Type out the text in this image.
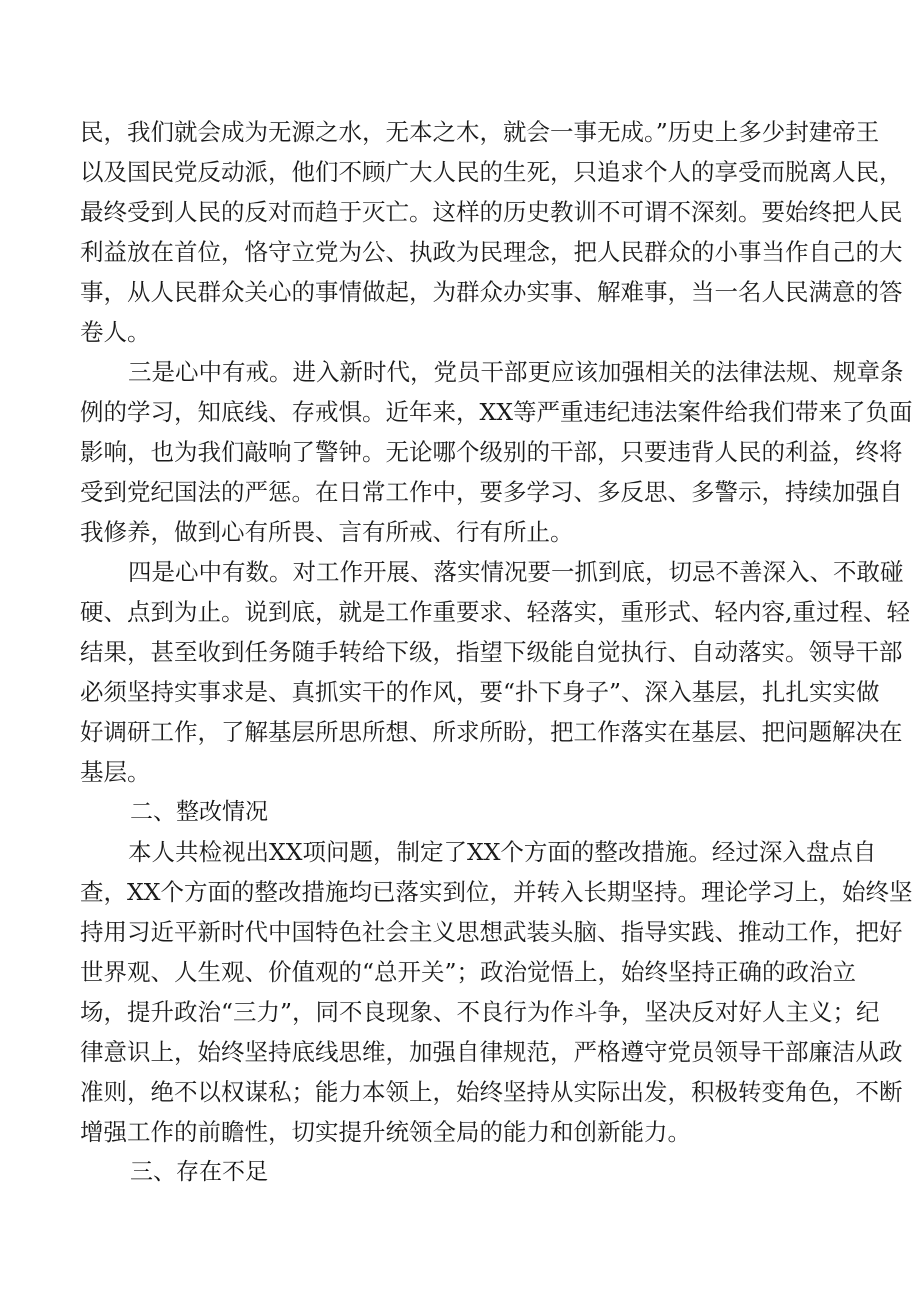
民，我们就会成为无源之水，无本之木，就会一事无成。”历史上多少封建帝王
以及国民党反动派，他们不顾广大人民的生死，只追求个人的享受而脱离人民，
最终受到人民的反对而趋于灭亡。这样的历史教训不可谓不深刻。要始终把人民
利益放在首位，恪守立党为公、执政为民理念，把人民群众的小事当作自己的大
事，从人民群众关心的事情做起，为群众办实事、解难事，当一名人民满意的答
卷人。
三是心中有戒。进入新时代，党员干部更应该加强相关的法律法规、规章条
例的学习，知底线、存戒惧。近年来，XX等严重违纪违法案件给我们带来了负面
影响，也为我们敲响了警钟。无论哪个级别的干部，只要违背人民的利益，终将
受到党纪国法的严惩。在日常工作中，要多学习、多反思、多警示，持续加强自
我修养，做到心有所畏、言有所戒、行有所止。
四是心中有数。对工作开展、落实情况要一抓到底，切忌不善深入、不敢碰
硬、点到为止。说到底，就是工作重要求、轻落实，重形式、轻内容,重过程、轻
结果，甚至收到任务随手转给下级，指望下级能自觉执行、自动落实。领导干部
必须坚持实事求是、真抓实干的作风，要“扑下身子”、深入基层，扎扎实实做
好调研工作，了解基层所思所想、所求所盼，把工作落实在基层、把问题解决在
基层。
二、整改情况
本人共检视出XX项问题，制定了XX个方面的整改措施。经过深入盘点自
查，XX个方面的整改措施均已落实到位，并转入长期坚持。理论学习上，始终坚
持用习近平新时代中国特色社会主义思想武装头脑、指导实践、推动工作，把好
世界观、人生观、价值观的“总开关”；政治觉悟上，始终坚持正确的政治立
场，提升政治“三力”，同不良现象、不良行为作斗争，坚决反对好人主义；纪
律意识上，始终坚持底线思维，加强自律规范，严格遵守党员领导干部廉洁从政
准则，绝不以权谋私；能力本领上，始终坚持从实际出发，积极转变角色，不断
增强工作的前瞻性，切实提升统领全局的能力和创新能力。
三、存在不足
